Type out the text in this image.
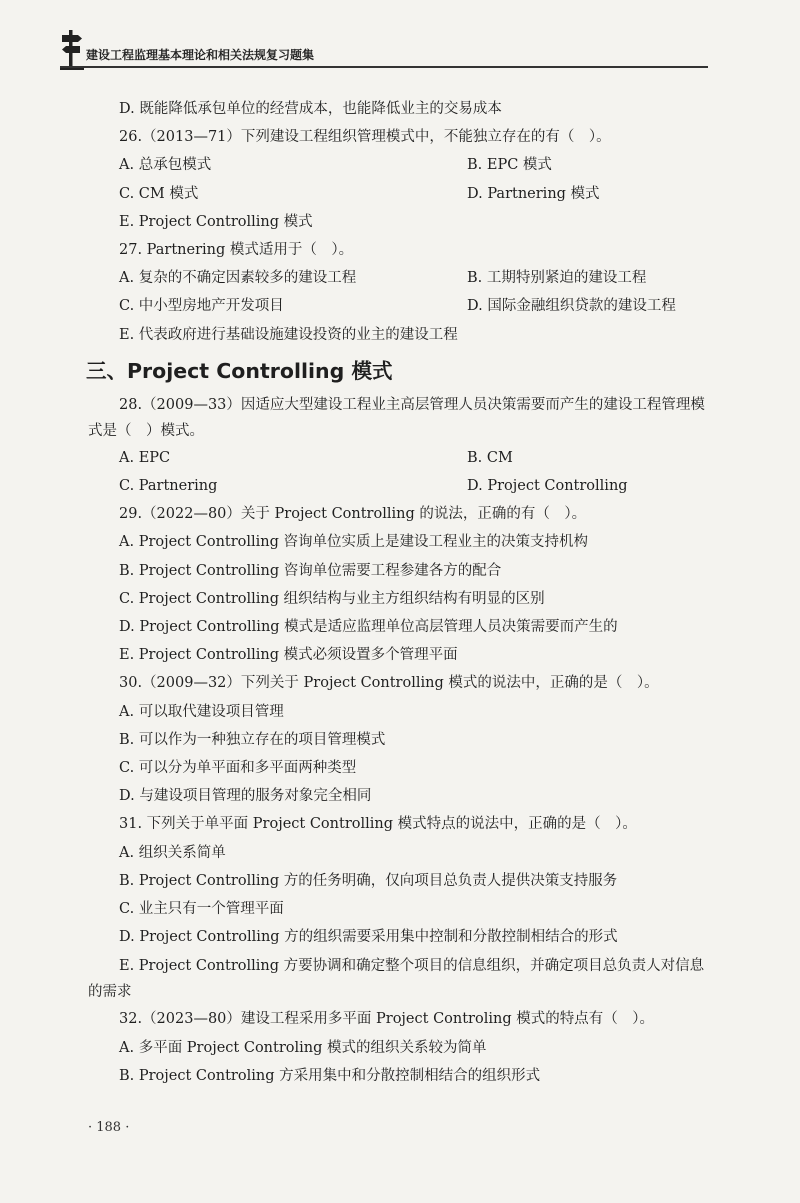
建设工程监理基本理论和相关法规复习题集
D. 既能降低承包单位的经营成本，也能降低业主的交易成本
26.（2013—71）下列建设工程组织管理模式中，不能独立存在的有（　）。
A. 总承包模式	B. EPC 模式
C. CM 模式	D. Partnering 模式
E. Project Controlling 模式
27. Partnering 模式适用于（　）。
A. 复杂的不确定因素较多的建设工程	B. 工期特别紧迫的建设工程
C. 中小型房地产开发项目	D. 国际金融组织贷款的建设工程
E. 代表政府进行基础设施建设投资的业主的建设工程
三、Project Controlling 模式
28.（2009—33）因适应大型建设工程业主高层管理人员决策需要而产生的建设工程管理模式是（　）模式。
A. EPC	B. CM
C. Partnering	D. Project Controlling
29.（2022—80）关于 Project Controlling 的说法，正确的有（　）。
A. Project Controlling 咨询单位实质上是建设工程业主的决策支持机构
B. Project Controlling 咨询单位需要工程参建各方的配合
C. Project Controlling 组织结构与业主方组织结构有明显的区别
D. Project Controlling 模式是适应监理单位高层管理人员决策需要而产生的
E. Project Controlling 模式必须设置多个管理平面
30.（2009—32）下列关于 Project Controlling 模式的说法中，正确的是（　）。
A. 可以取代建设项目管理
B. 可以作为一种独立存在的项目管理模式
C. 可以分为单平面和多平面两种类型
D. 与建设项目管理的服务对象完全相同
31. 下列关于单平面 Project Controlling 模式特点的说法中，正确的是（　）。
A. 组织关系简单
B. Project Controlling 方的任务明确，仅向项目总负责人提供决策支持服务
C. 业主只有一个管理平面
D. Project Controlling 方的组织需要采用集中控制和分散控制相结合的形式
E. Project Controlling 方要协调和确定整个项目的信息组织，并确定项目总负责人对信息的需求
32.（2023—80）建设工程采用多平面 Project Controling 模式的特点有（　）。
A. 多平面 Project Controling 模式的组织关系较为简单
B. Project Controling 方采用集中和分散控制相结合的组织形式
· 188 ·
